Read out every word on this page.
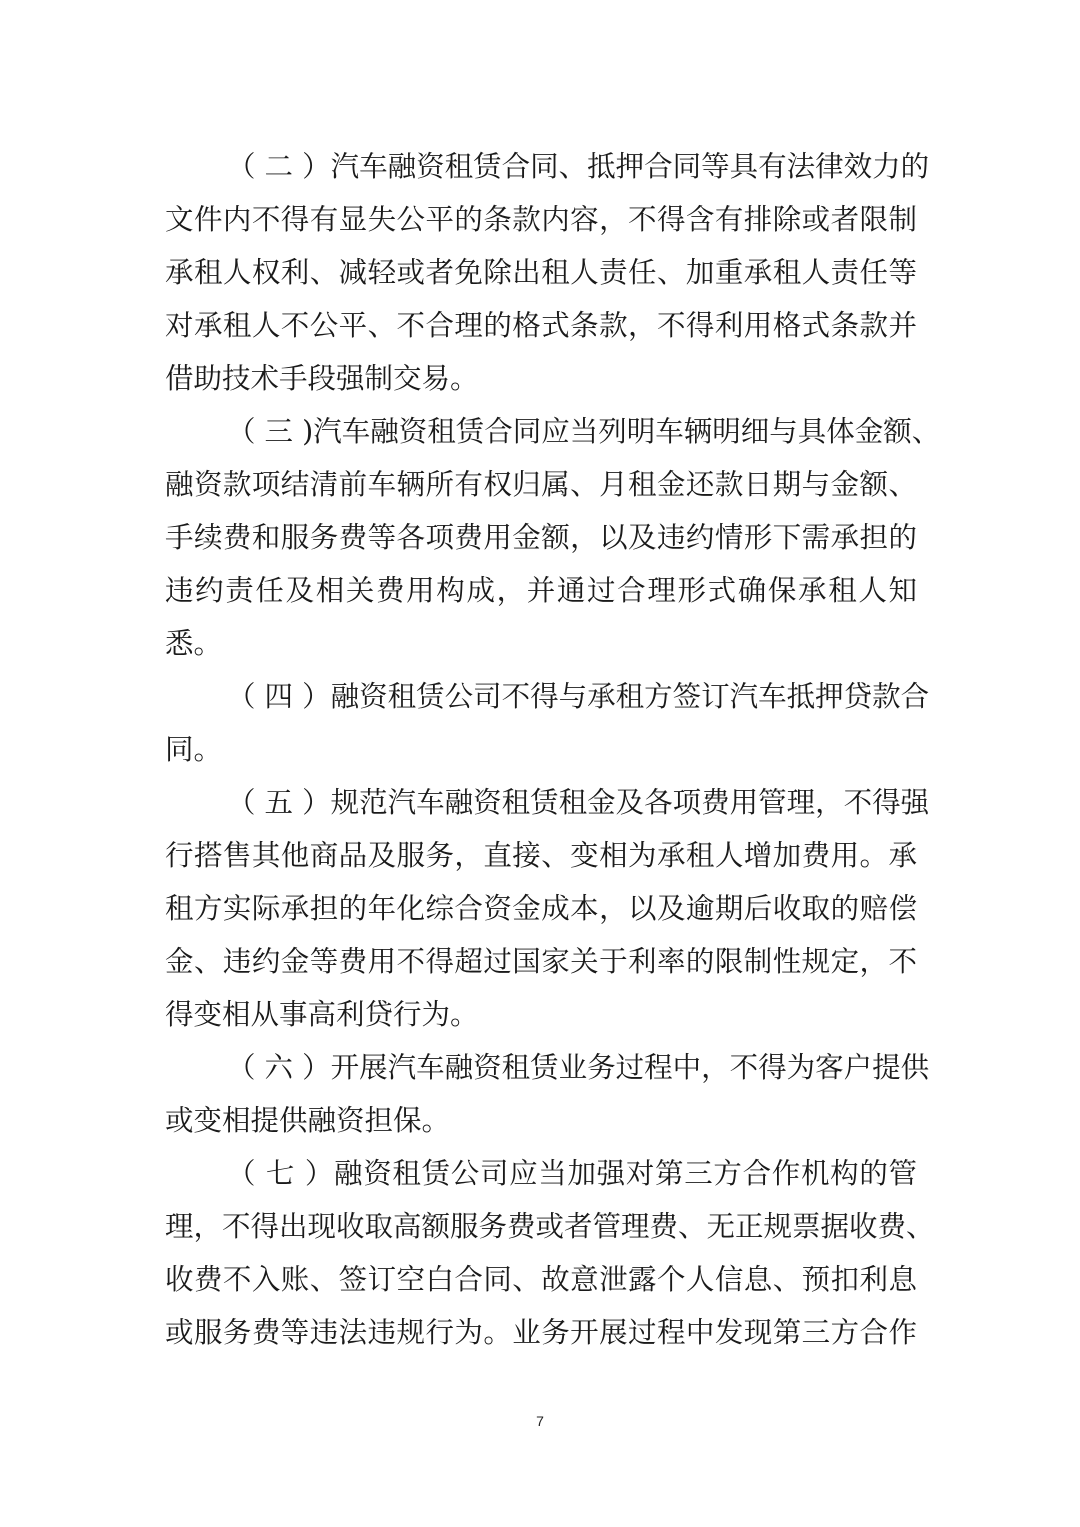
（ 二 ）汽车融资租赁合同、抵押合同等具有法律效力的
文件内不得有显失公平的条款内容，不得含有排除或者限制
承租人权利、减轻或者免除出租人责任、加重承租人责任等
对承租人不公平、不合理的格式条款，不得利用格式条款并
借助技术手段强制交易。
（ 三 )汽车融资租赁合同应当列明车辆明细与具体金额、
融资款项结清前车辆所有权归属、月租金还款日期与金额、
手续费和服务费等各项费用金额，以及违约情形下需承担的
违约责任及相关费用构成，并通过合理形式确保承租人知
悉。
（ 四 ）融资租赁公司不得与承租方签订汽车抵押贷款合
同。
（ 五 ）规范汽车融资租赁租金及各项费用管理，不得强
行搭售其他商品及服务，直接、变相为承租人增加费用。承
租方实际承担的年化综合资金成本，以及逾期后收取的赔偿
金、违约金等费用不得超过国家关于利率的限制性规定，不
得变相从事高利贷行为。
（ 六 ）开展汽车融资租赁业务过程中，不得为客户提供
或变相提供融资担保。
（ 七 ）融资租赁公司应当加强对第三方合作机构的管
理，不得出现收取高额服务费或者管理费、无正规票据收费、
收费不入账、签订空白合同、故意泄露个人信息、预扣利息
或服务费等违法违规行为。业务开展过程中发现第三方合作
7
